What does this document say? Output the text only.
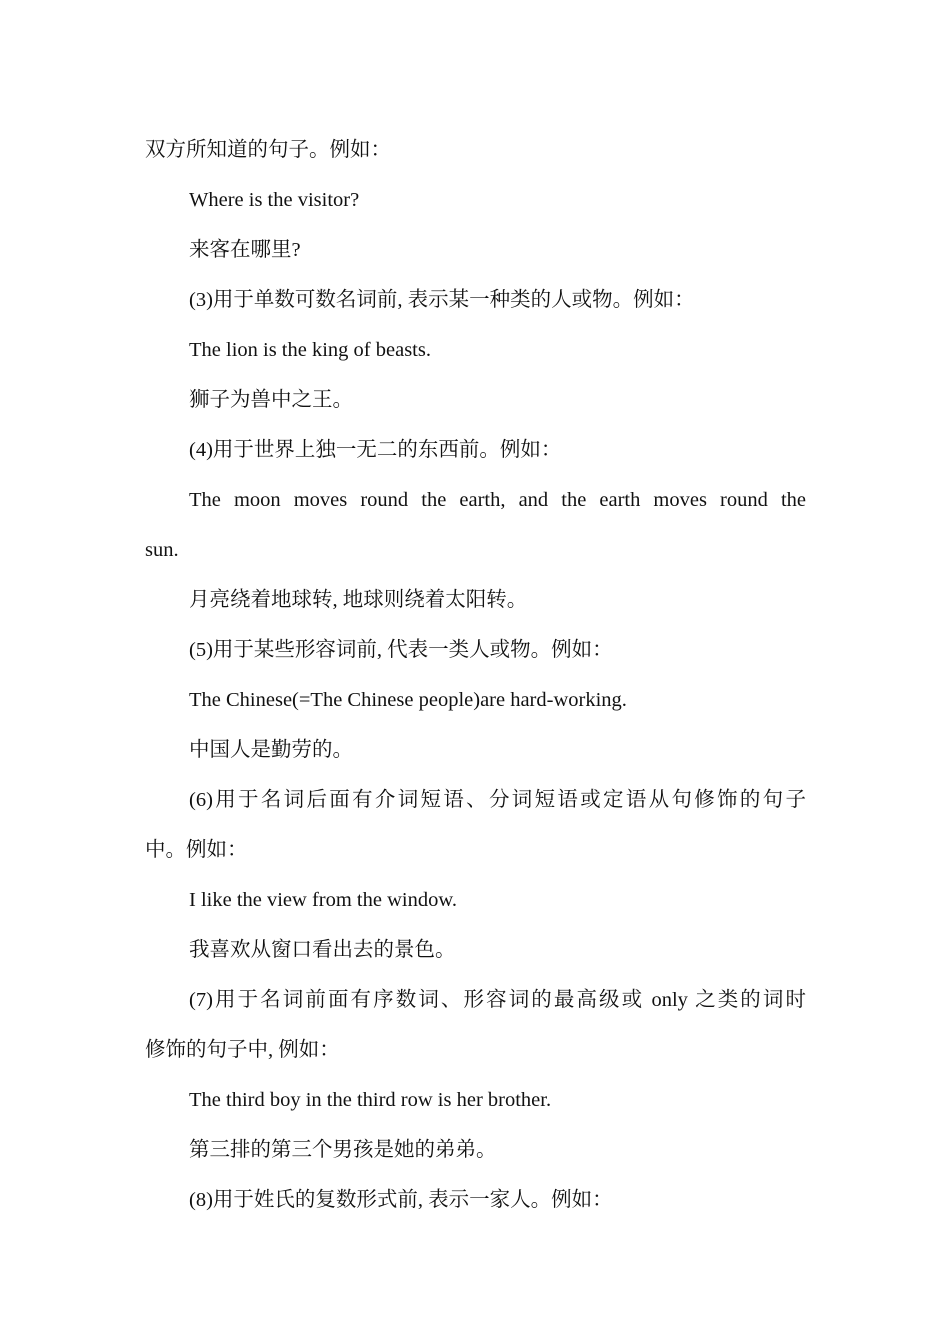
双方所知道的句子。例如：
Where is the visitor?
来客在哪里?
(3)用于单数可数名词前, 表示某一种类的人或物。例如：
The lion is the king of beasts.
狮子为兽中之王。
(4)用于世界上独一无二的东西前。例如：
The moon moves round the earth, and the earth moves round the
sun.
月亮绕着地球转, 地球则绕着太阳转。
(5)用于某些形容词前, 代表一类人或物。例如：
The Chinese(=The Chinese people)are hard-working.
中国人是勤劳的。
(6)用于名词后面有介词短语、分词短语或定语从句修饰的句子
中。例如：
I like the view from the window.
我喜欢从窗口看出去的景色。
(7)用于名词前面有序数词、形容词的最高级或 only 之类的词时
修饰的句子中, 例如：
The third boy in the third row is her brother.
第三排的第三个男孩是她的弟弟。
(8)用于姓氏的复数形式前, 表示一家人。例如：
